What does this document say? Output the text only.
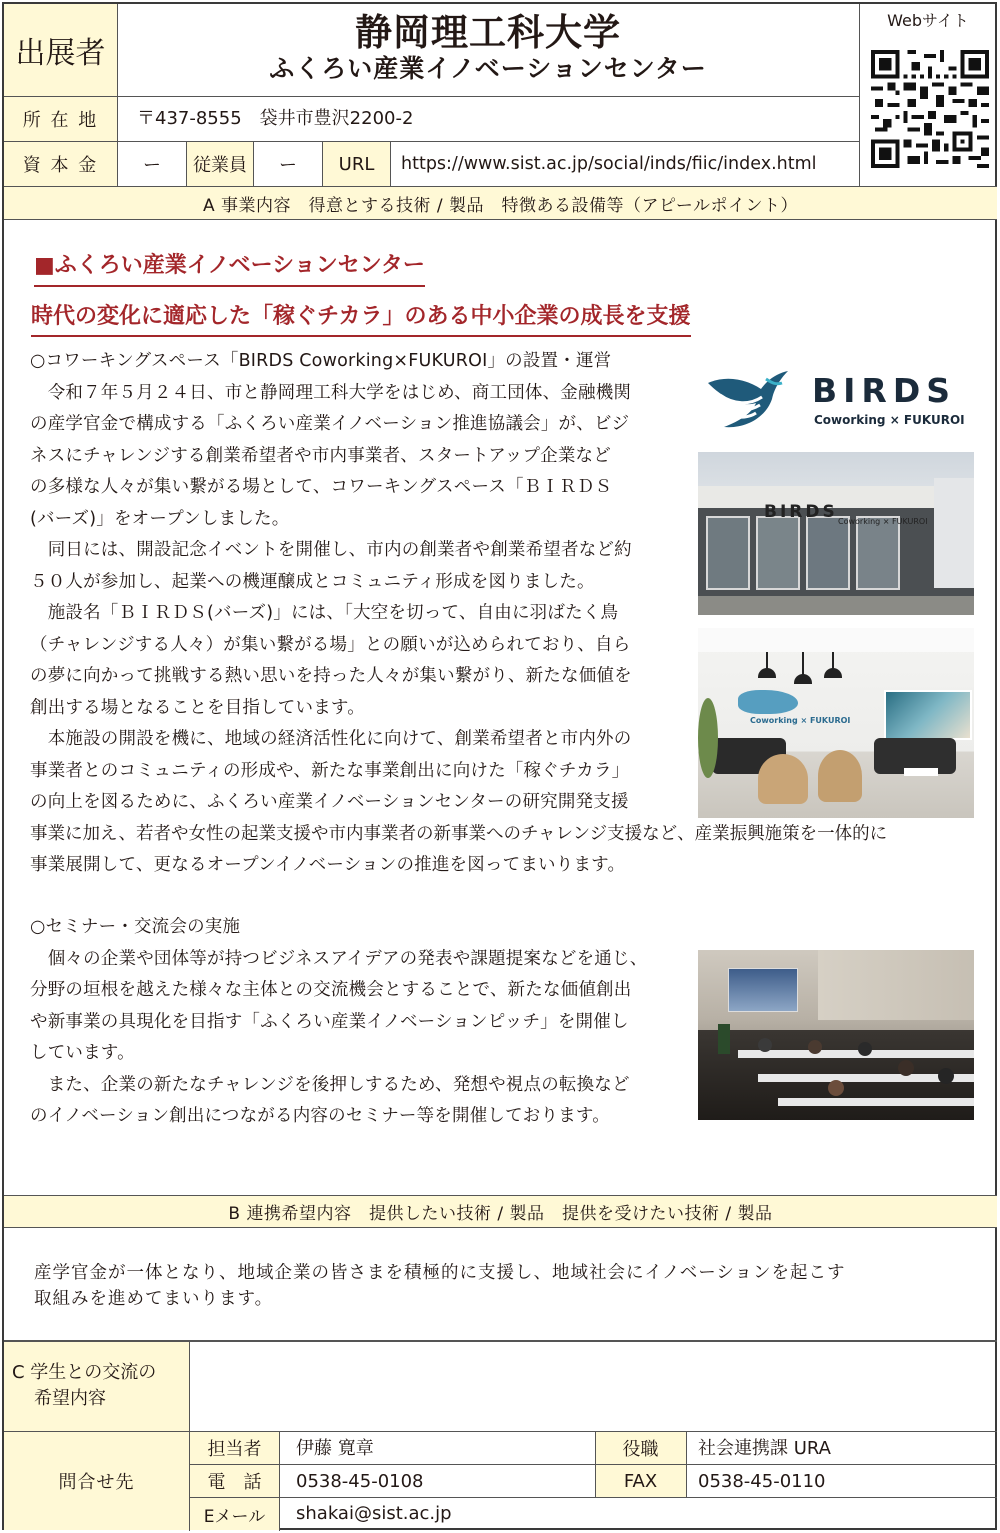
出展者	静岡理工科大学
ふくろい産業イノベーションセンター
Webサイト
所 在 地 〒437-8555　袋井市豊沢2200-2
資 本 金	ー	従業員	ー	URL https://www.sist.ac.jp/social/inds/fiic/index.html
A 事業内容　得意とする技術 / 製品　特徴ある設備等（アピールポイント）
■ふくろい産業イノベーションセンター
時代の変化に適応した「稼ぐチカラ」のある中小企業の成長を支援
○コワーキングスペース「BIRDS Coworking×FUKUROI」の設置・運営
　令和７年５月２４日、市と静岡理工科大学をはじめ、商工団体、金融機関
の産学官金で構成する「ふくろい産業イノベーション推進協議会」が、ビジ
ネスにチャレンジする創業希望者や市内事業者、スタートアップ企業など
の多様な人々が集い繋がる場として、コワーキングスペース「ＢＩＲＤＳ
(バーズ)」をオープンしました。
　同日には、開設記念イベントを開催し、市内の創業者や創業希望者など約
５０人が参加し、起業への機運醸成とコミュニティ形成を図りました。
　施設名「ＢＩＲＤＳ(バーズ)」には、「大空を切って、自由に羽ばたく鳥
（チャレンジする人々）が集い繋がる場」との願いが込められており、自ら
の夢に向かって挑戦する熱い思いを持った人々が集い繋がり、新たな価値を
創出する場となることを目指しています。
　本施設の開設を機に、地域の経済活性化に向けて、創業希望者と市内外の
事業者とのコミュニティの形成や、新たな事業創出に向けた「稼ぐチカラ」
の向上を図るために、ふくろい産業イノベーションセンターの研究開発支援
事業に加え、若者や女性の起業支援や市内事業者の新事業へのチャレンジ支援など、産業振興施策を一体的に
事業展開して、更なるオープンイノベーションの推進を図ってまいります。
○セミナー・交流会の実施
　個々の企業や団体等が持つビジネスアイデアの発表や課題提案などを通じ、
分野の垣根を越えた様々な主体との交流機会とすることで、新たな価値創出
や新事業の具現化を目指す「ふくろい産業イノベーションピッチ」を開催し
しています。
　また、企業の新たなチャレンジを後押しするため、発想や視点の転換など
のイノベーション創出につながる内容のセミナー等を開催しております。
BIRDS
Coworking × FUKUROI
BIRDS Coworking × FUKUROI
Coworking × FUKUROI
B 連携希望内容　提供したい技術 / 製品　提供を受けたい技術 / 製品
産学官金が一体となり、地域企業の皆さまを積極的に支援し、地域社会にイノベーションを起こす
取組みを進めてまいります。
C 学生との交流の
希望内容
問合せ先
担当者	伊藤 寛章	役職	社会連携課 URA
電　話	0538-45-0108	FAX	0538-45-0110
Eメール	shakai@sist.ac.jp
